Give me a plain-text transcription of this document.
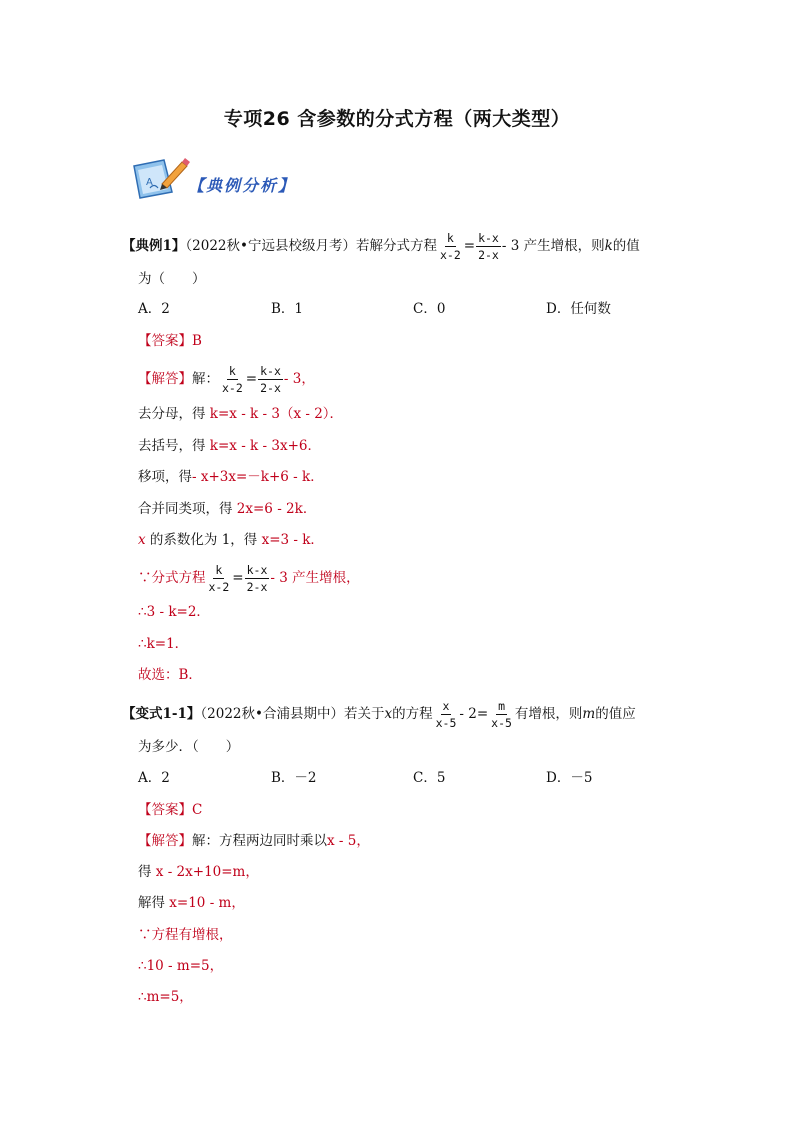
专项26 含参数的分式方程（两大类型）
A 【典例分析】
【典例1】（2022秋•宁远县校级月考）若解分式方程 $\frac{k}{x-2} = \frac{k-x}{2-x} - 3$ 产生增根，则k的值
为（　　）
A．2	B．1	C．0	D．任何数
【答案】B
【解答】解： $\frac{k}{x-2} = \frac{k-x}{2-x} - 3$，
去分母，得 k=x - k - 3（x - 2）．
去括号，得 k=x - k - 3x+6．
移项，得- x+3x=－k+6 - k．
合并同类项，得 2x=6 - 2k．
x 的系数化为 1，得 x=3 - k．
∵分式方程 $\frac{k}{x-2} = \frac{k-x}{2-x} - 3$ 产生增根，
∴3 - k=2．
∴k=1．
故选：B．
【变式1-1】（2022秋•合浦县期中）若关于x的方程 $\frac{x}{x-5} - 2= \frac{m}{x-5}$ 有增根，则m的值应
为多少．（　　）
A．2	B．－2	C．5	D．－5
【答案】C
【解答】解：方程两边同时乘以x - 5，
得 x - 2x+10=m，
解得 x=10 - m，
∵方程有增根，
∴10 - m=5，
∴m=5，
